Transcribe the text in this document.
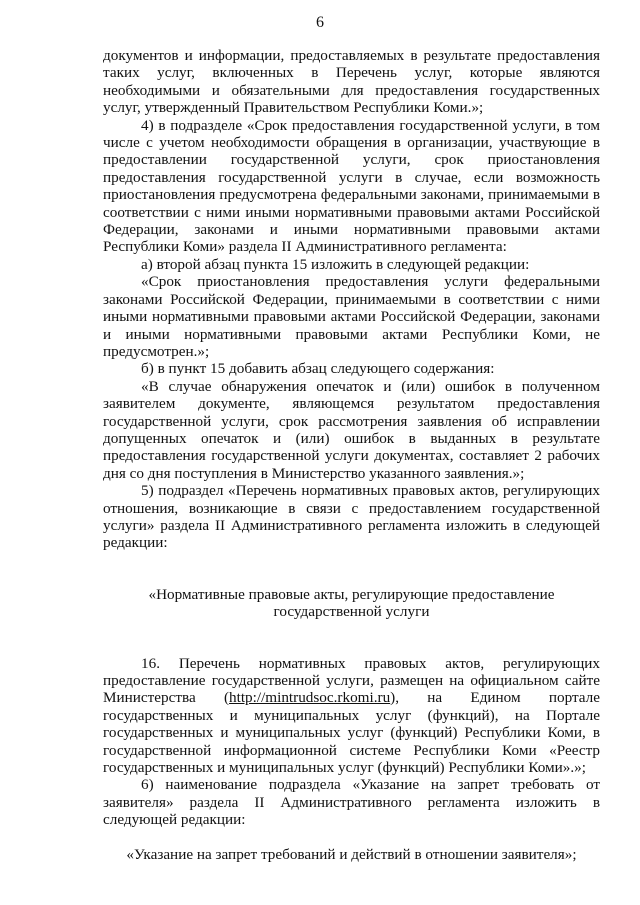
6

документов и информации, предоставляемых в результате предоставления таких услуг, включенных в Перечень услуг, которые являются необходимыми и обязательными для предоставления государственных услуг, утвержденный Правительством Республики Коми.»;

4) в подразделе «Срок предоставления государственной услуги, в том числе с учетом необходимости обращения в организации, участвующие в предоставлении государственной услуги, срок приостановления предоставления государственной услуги в случае, если возможность приостановления предусмотрена федеральными законами, принимаемыми в соответствии с ними иными нормативными правовыми актами Российской Федерации, законами и иными нормативными правовыми актами Республики Коми» раздела II Административного регламента:

а) второй абзац пункта 15 изложить в следующей редакции:

«Срок приостановления предоставления услуги федеральными законами Российской Федерации, принимаемыми в соответствии с ними иными нормативными правовыми актами Российской Федерации, законами и иными нормативными правовыми актами Республики Коми, не предусмотрен.»;

б) в пункт 15 добавить абзац следующего содержания:

«В случае обнаружения опечаток и (или) ошибок в полученном заявителем документе, являющемся результатом предоставления государственной услуги, срок рассмотрения заявления об исправлении допущенных опечаток и (или) ошибок в выданных в результате предоставления государственной услуги документах, составляет 2 рабочих дня со дня поступления в Министерство указанного заявления.»;

5) подраздел «Перечень нормативных правовых актов, регулирующих отношения, возникающие в связи с предоставлением государственной услуги» раздела II Административного регламента изложить в следующей редакции:

«Нормативные правовые акты, регулирующие предоставление государственной услуги

16. Перечень нормативных правовых актов, регулирующих предоставление государственной услуги, размещен на официальном сайте Министерства (http://mintrudsoc.rkomi.ru), на Едином портале государственных и муниципальных услуг (функций), на Портале государственных и муниципальных услуг (функций) Республики Коми, в государственной информационной системе Республики Коми «Реестр государственных и муниципальных услуг (функций) Республики Коми».»;

6) наименование подраздела «Указание на запрет требовать от заявителя» раздела II Административного регламента изложить в следующей редакции:

«Указание на запрет требований и действий в отношении заявителя»;
